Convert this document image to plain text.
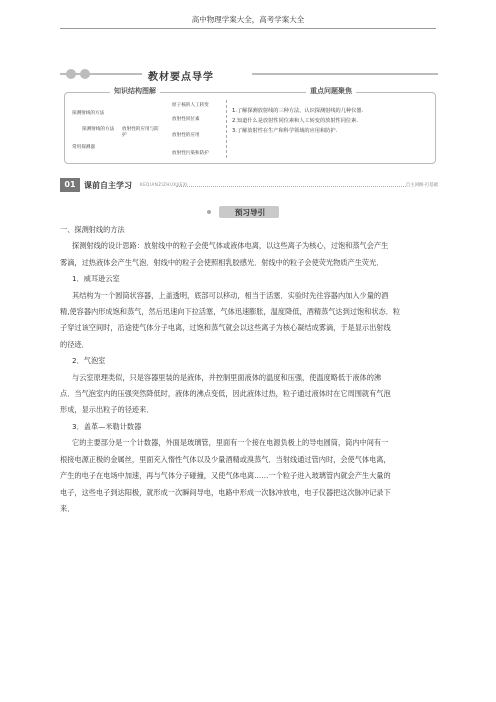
高中物理学案大全，高考学案大全
教材要点导学
知识结构图解	重点问题聚焦
探测射线的方法
探测射线的方法
常用探测器
放射性的应用与防护
原子核的人工转变
放射性同位素
放射性的应用
放射性污染和防护

1.了解探测放射线的三种方法，认识探测射线的几种仪器.

2.知道什么是放射性同位素和人工转变的放射性同位素.

3.了解放射性在生产和科学领域的应用和防护.

01	课前自主学习 KEQIANZIZHUXUEXI	自主回顾·打基础
预习导引

一、探测射线的方法

探测射线的设计思路：放射线中的粒子会使气体或液体电离，以这些离子为核心，过饱和蒸气会产生

雾滴，过热液体会产生气泡．射线中的粒子会使照相乳胶感光．射线中的粒子会使荧光物质产生荧光．

1．威耳逊云室

其结构为一个圆筒状容器，上盖透明，底部可以移动，相当于活塞．实验时先往容器内加入少量的酒

精,使容器内形成饱和蒸气，然后迅速向下拉活塞，气体迅速膨胀，温度降低，酒精蒸气达到过饱和状态．粒

子穿过该空间时，沿途使气体分子电离，过饱和蒸气就会以这些离子为核心凝结成雾滴，于是显示出射线

的径迹．

2．气泡室

与云室原理类似，只是容器里装的是液体，并控制里面液体的温度和压强，使温度略低于液体的沸

点．当气泡室内的压强突然降低时，液体的沸点变低，因此液体过热，粒子通过液体时在它周围就有气泡

形成，显示出粒子的径迹来．

3．盖革—米勒计数器

它的主要部分是一个计数器，外面是玻璃管，里面有一个接在电源负极上的导电圆筒，筒内中间有一

根接电源正极的金属丝，里面充入惰性气体以及少量酒精或溴蒸气．当射线通过管内时，会使气体电离，

产生的电子在电场中加速，再与气体分子碰撞，又使气体电离……一个粒子进入玻璃管内就会产生大量的

电子，这些电子到达阳极，就形成一次瞬间导电，电路中形成一次脉冲放电，电子仪器把这次脉冲记录下

来．
